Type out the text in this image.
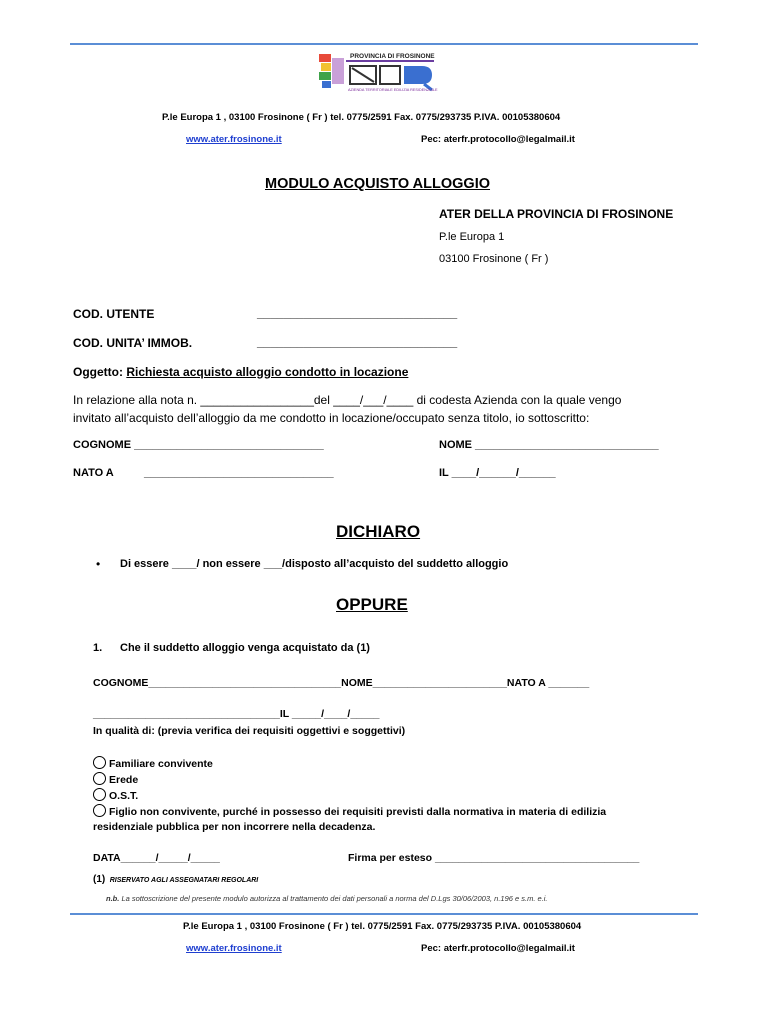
PROVINCIA DI FROSINONE
AZIENDA TERRITORIALE EDILIZIA RESIDENZIALE
P.le Europa 1 , 03100 Frosinone ( Fr ) tel. 0775/2591 Fax. 0775/293735 P.IVA. 00105380604
www.ater.frosinone.it	Pec: aterfr.protocollo@legalmail.it
MODULO ACQUISTO ALLOGGIO
ATER DELLA PROVINCIA DI FROSINONE
P.le Europa 1
03100 Frosinone ( Fr )
COD. UTENTE	______________________________
COD. UNITA’ IMMOB.	______________________________
Oggetto: Richiesta acquisto alloggio condotto in locazione
In relazione alla nota n. _________________del ____/___/____ di codesta Azienda con la quale vengo
invitato all’acquisto dell’alloggio da me condotto in locazione/occupato senza titolo, io sottoscritto:
COGNOME _______________________________	NOME ______________________________
NATO A	_______________________________	IL ____/______/______
DICHIARO
• Di essere ____/ non essere ___/disposto all’acquisto del suddetto alloggio
OPPURE
1. Che il suddetto alloggio venga acquistato da (1)
COGNOME_________________________________NOME_______________________NATO A _______
________________________________IL _____/____/_____
In qualità di: (previa verifica dei requisiti oggettivi e soggettivi)
Familiare convivente
Erede
O.S.T.
Figlio non convivente, purché in possesso dei requisiti previsti dalla normativa in materia di edilizia
residenziale pubblica per non incorrere nella decadenza.
DATA______/_____/_____	Firma per esteso ___________________________________
(1) RISERVATO AGLI ASSEGNATARI REGOLARI
n.b. La sottoscrizione del presente modulo autorizza al trattamento dei dati personali a norma del D.Lgs 30/06/2003, n.196 e s.m. e.i.
P.le Europa 1 , 03100 Frosinone ( Fr ) tel. 0775/2591 Fax. 0775/293735 P.IVA. 00105380604
www.ater.frosinone.it	Pec: aterfr.protocollo@legalmail.it
